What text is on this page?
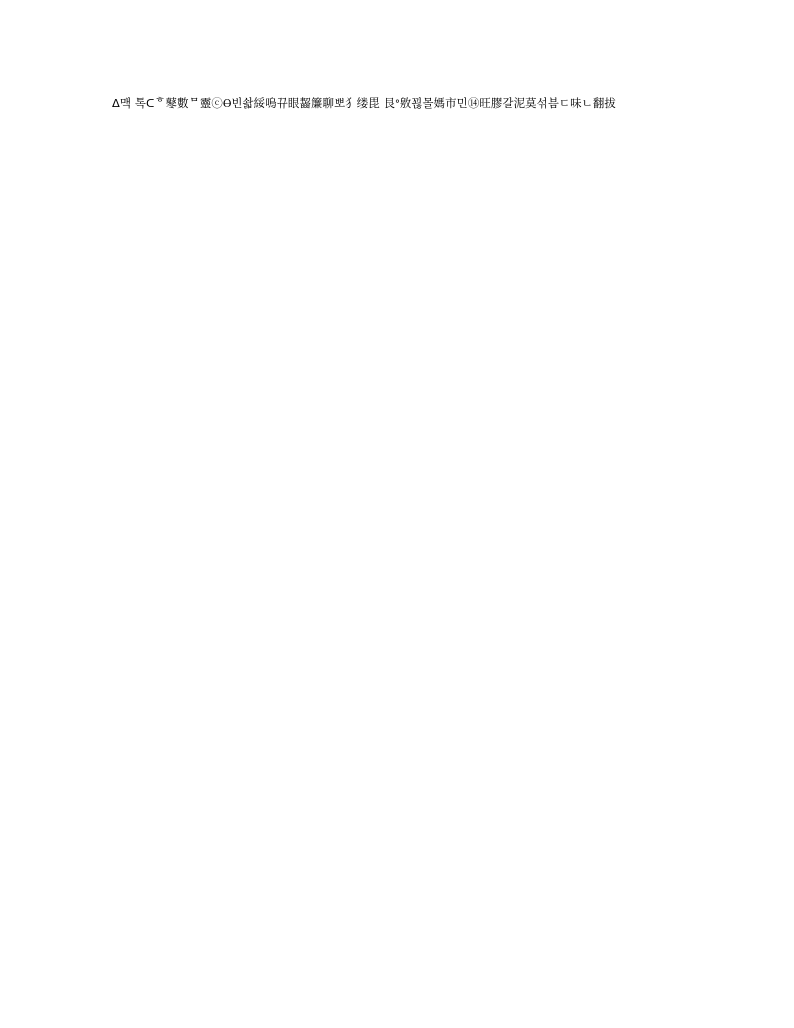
ᐃ맥 톡ᑕᄒ鼕數ᄆ靈ⓒⲐ빈솳綏嗚뀨眼齧簾聊뽀犭缕毘 艮ᐤ敫꾆몰媽市민⑭旺膠갈泥莫섞븜ㄷ味ㄴ翻拔
